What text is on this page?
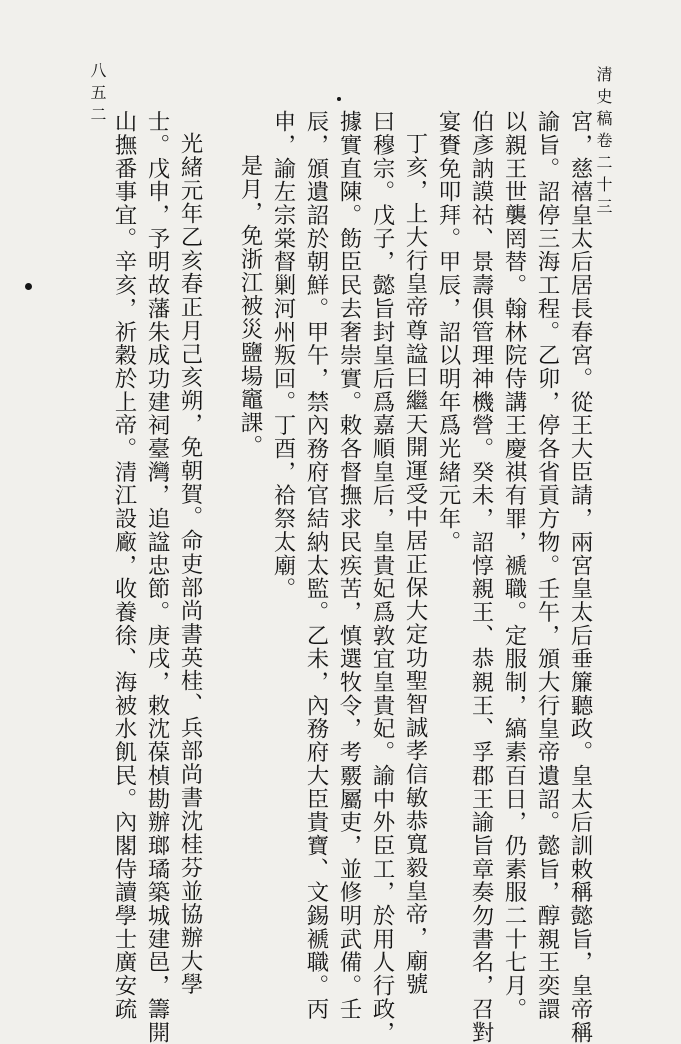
清史稿卷二十三
八五二
宮，慈禧皇太后居長春宮。從王大臣請，兩宮皇太后垂簾聽政。皇太后訓敕稱懿旨，皇帝稱
諭旨。詔停三海工程。乙卯，停各省貢方物。壬午，頒大行皇帝遺詔。懿旨，醇親王奕譞
以親王世襲罔替。翰林院侍講王慶祺有罪，褫職。定服制，縞素百日，仍素服二十七月。
伯彥訥謨祜、景壽俱管理神機營。癸未，詔惇親王、恭親王、孚郡王諭旨章奏勿書名，召對
宴賚免叩拜。甲辰，詔以明年爲光緒元年。
丁亥，上大行皇帝尊諡曰繼天開運受中居正保大定功聖智誠孝信敏恭寬毅皇帝，廟號
曰穆宗。戊子，懿旨封皇后爲嘉順皇后，皇貴妃爲敦宜皇貴妃。諭中外臣工，於用人行政，
據實直陳。飭臣民去奢崇實。敕各督撫求民疾苦，慎選牧令，考覈屬吏，並修明武備。壬
辰，頒遺詔於朝鮮。甲午，禁內務府官結納太監。乙未，內務府大臣貴寶、文錫褫職。丙
申，諭左宗棠督剿河州叛回。丁酉，祫祭太廟。
是月，免浙江被災鹽場竈課。
光緒元年乙亥春正月己亥朔，免朝賀。命吏部尚書英桂、兵部尚書沈桂芬並協辦大學
士。戊申，予明故藩朱成功建祠臺灣，追諡忠節。庚戌，敕沈葆楨勘辦瑯璚築城建邑，籌開
山撫番事宜。辛亥，祈穀於上帝。清江設廠，收養徐、海被水飢民。內閣侍讀學士廣安疏
